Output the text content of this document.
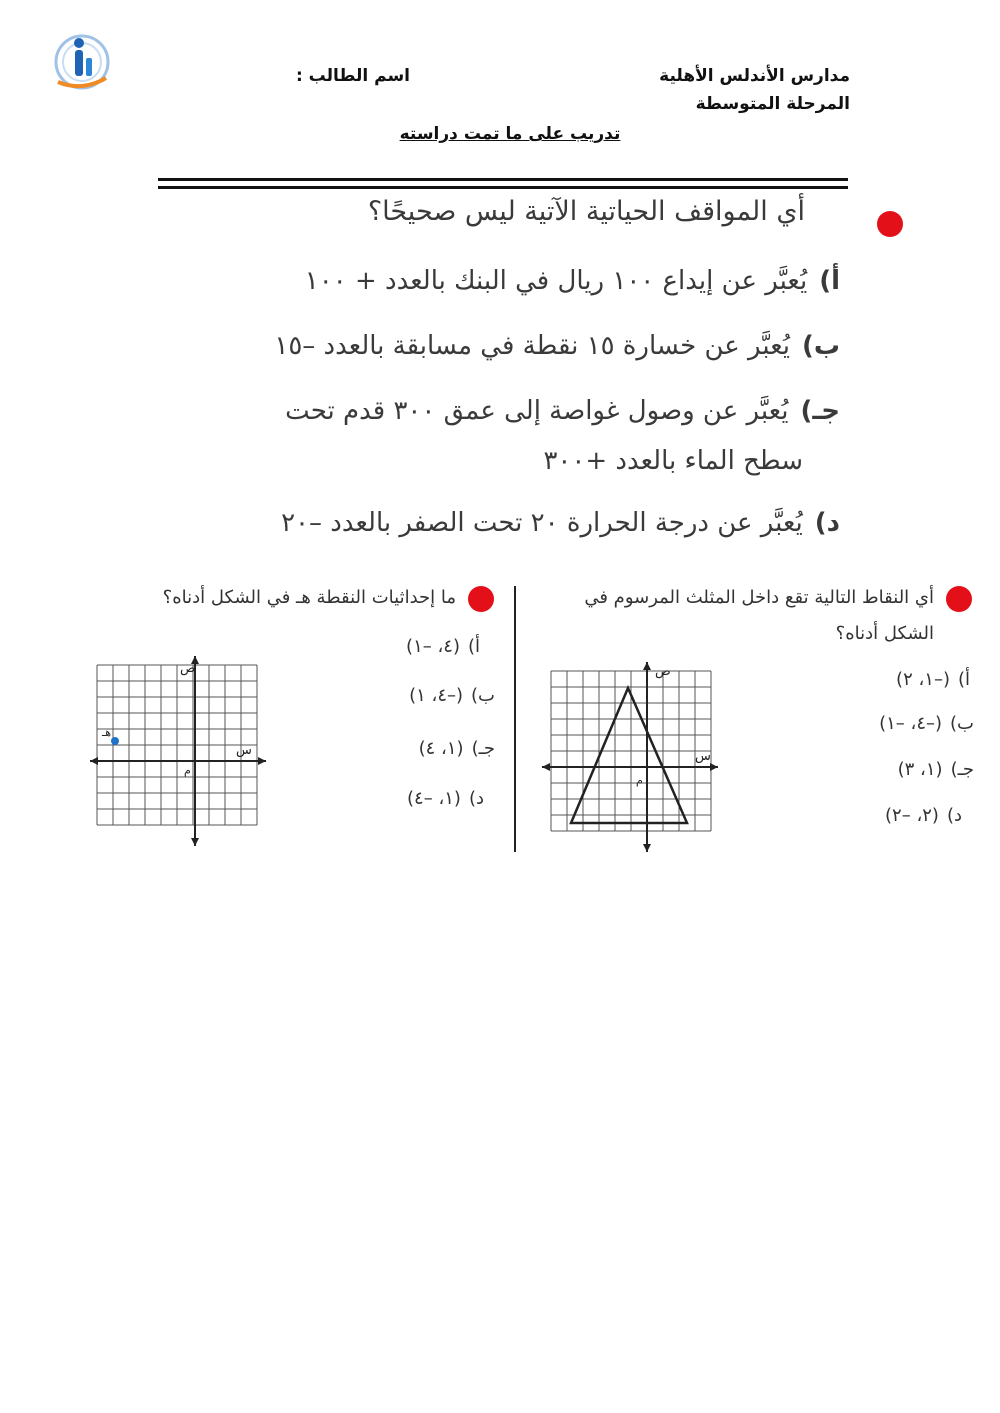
مدارس الأندلس الأهلية
المرحلة المتوسطة
اسم الطالب :
تدريب على ما تمت دراسته
أي المواقف الحياتية الآتية ليس صحيحًا؟
أ)يُعبَّر عن إيداع ١٠٠ ريال في البنك بالعدد + ١٠٠
ب)يُعبَّر عن خسارة ١٥ نقطة في مسابقة بالعدد –١٥
جـ)يُعبَّر عن وصول غواصة إلى عمق ٣٠٠ قدم تحت
سطح الماء بالعدد +٣٠٠
د)يُعبَّر عن درجة الحرارة ٢٠ تحت الصفر بالعدد –٢٠
أي النقاط التالية تقع داخل المثلث المرسوم في
الشكل أدناه؟
أ)(–١، ٢)
ب)(–٤، –١)
جـ)(١، ٣)
د)(٢، –٢)
ص
س
م
ما إحداثيات النقطة هـ في الشكل أدناه؟
أ)(٤، –١)
ب)(–٤، ١)
جـ)(١، ٤)
د)(١، –٤)
هـ
ص
س
م
